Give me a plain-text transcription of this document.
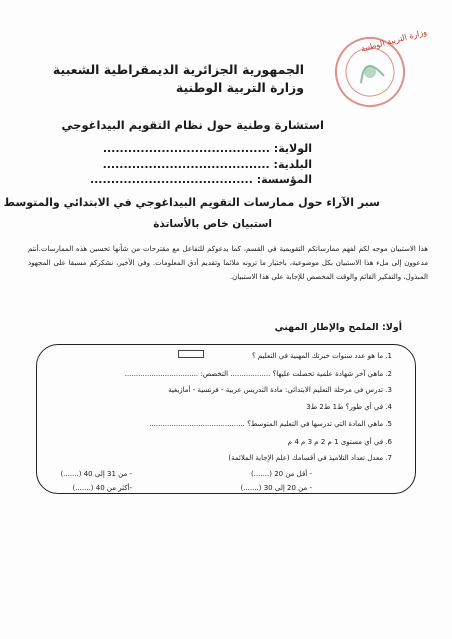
وزارة التربية الوطنية
الجمهورية الجزائرية الديمقراطية الشعبية
وزارة التربية الوطنية
استشارة وطنية حول نظام التقويم البيداغوجي
الولاية: ........................................
البلدية: ........................................
المؤسسة: .......................................
سبر الآراء حول ممارسات التقويم البيداغوجي في الابتدائي والمتوسط
استبيان خاص بالأساتذة
هذا الاستبيان موجه لكم لفهم ممارساتكم التقويمية في القسم، كما يدعوكم للتفاعل مع مقترحات من شأنها تحسين هذه الممارسات.أنتم مدعوون إلى ملء هذا الاستبيان بكل موضوعية، باختيار ما ترونه ملائما وتقديم أدق المعلومات. وفي الأخير، نشكركم مسبقا على المجهود المبذول، والتفكير القائم والوقت المخصص للإجابة على هذا الاستبيان.
أولا: الملمح والإطار المهني
1. ما هو عدد سنوات خبرتك المهنية في التعليم ؟
2. ماهي آخر شهادة علمية تحصلت عليها؟ .................. التخصص: .................................
3. تدرس في مرحلة التعليم الابتدائي: مادة التدريس عربية - فرنسية - أمازيغية
4. في أي طور؟ ط1 ط2 ط3
5. ماهي المادة التي تدرسها في التعليم المتوسط؟ ...........................................
6. في أي مستوى 1 م 2 م 3 م 4 م
7. معدل تعداد التلاميذ في أقسامك (علم الإجابة الملائمة)
- أقل من 20 (.......)
- من 31 إلى 40 (.......)
- من 20 إلى 30 (.......)
-أكثر من 40 (.......)
